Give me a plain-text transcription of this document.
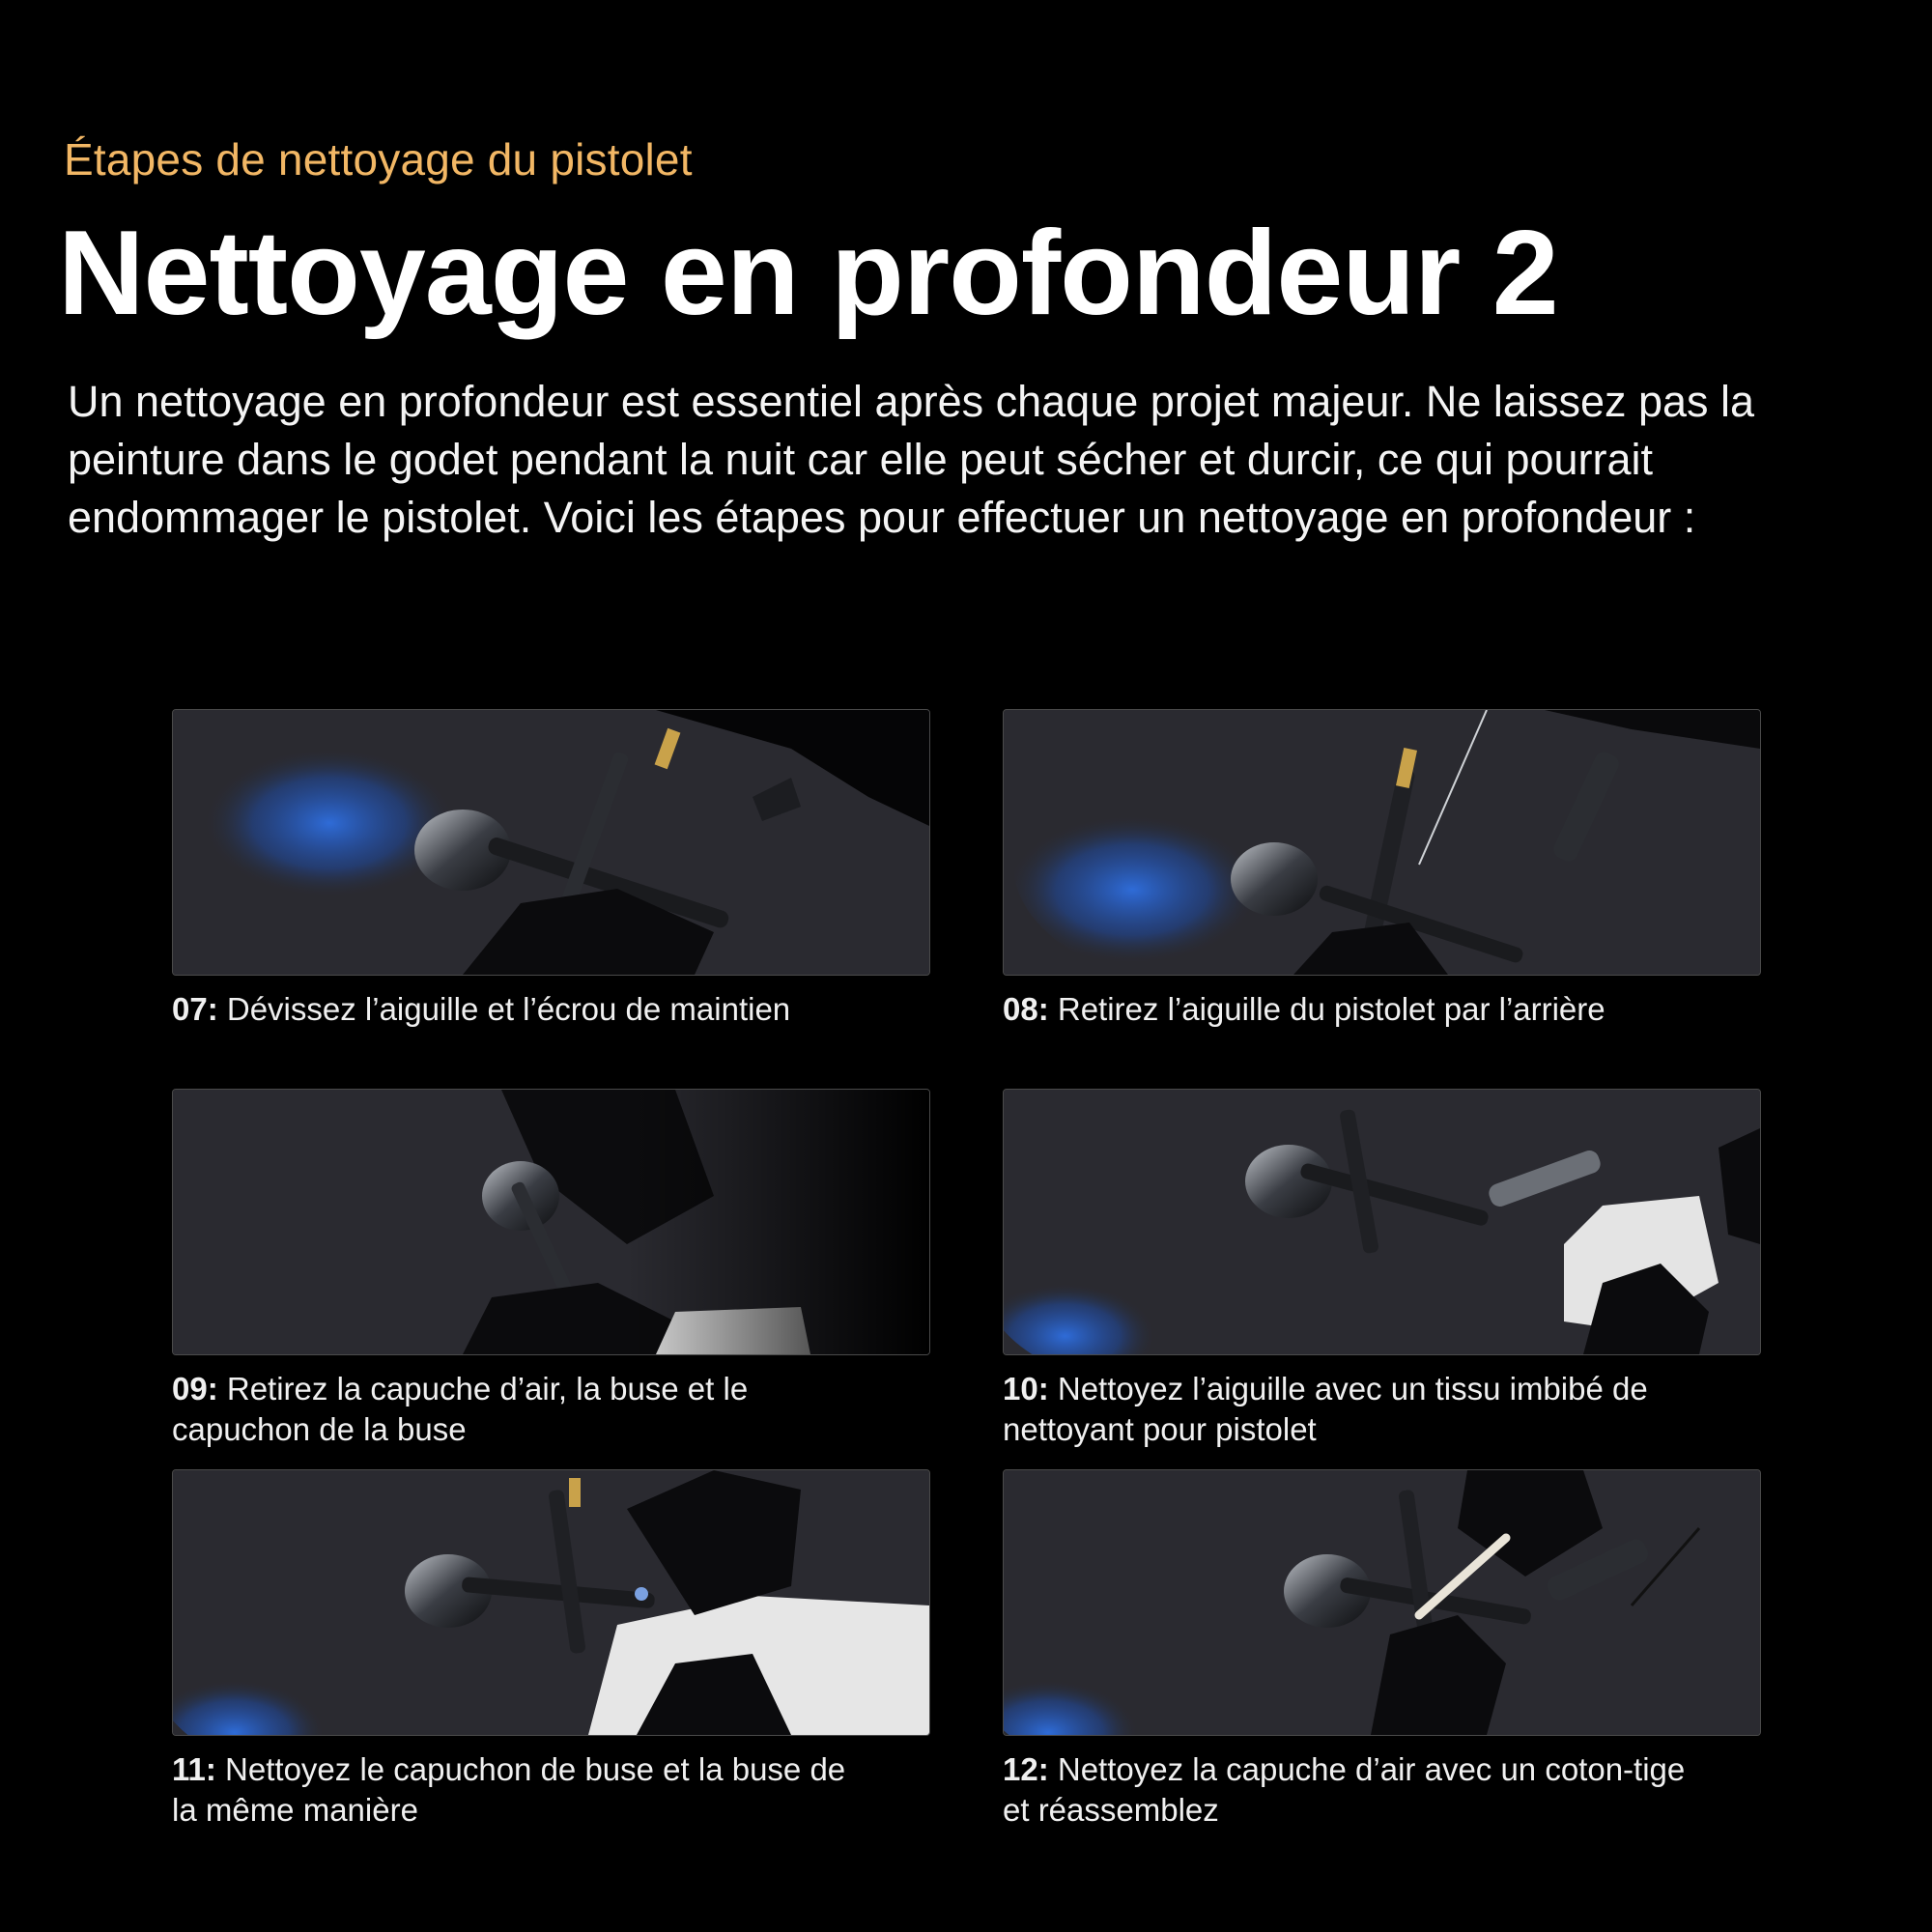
Étapes de nettoyage du pistolet
Nettoyage en profondeur 2

Un nettoyage en profondeur est essentiel après chaque projet majeur. Ne laissez pas la peinture dans le godet pendant la nuit car elle peut sécher et durcir, ce qui pourrait endommager le pistolet. Voici les étapes pour effectuer un nettoyage en profondeur :

07: Dévissez l’aiguille et l’écrou de maintien	08: Retirez l’aiguille du pistolet par l’arrière
09: Retirez la capuche d’air, la buse et le capuchon de la buse
10: Nettoyez l’aiguille avec un tissu imbibé de nettoyant pour pistolet
11: Nettoyez le capuchon de buse et la buse de la même manière
12: Nettoyez la capuche d’air avec un coton-tige et réassemblez
